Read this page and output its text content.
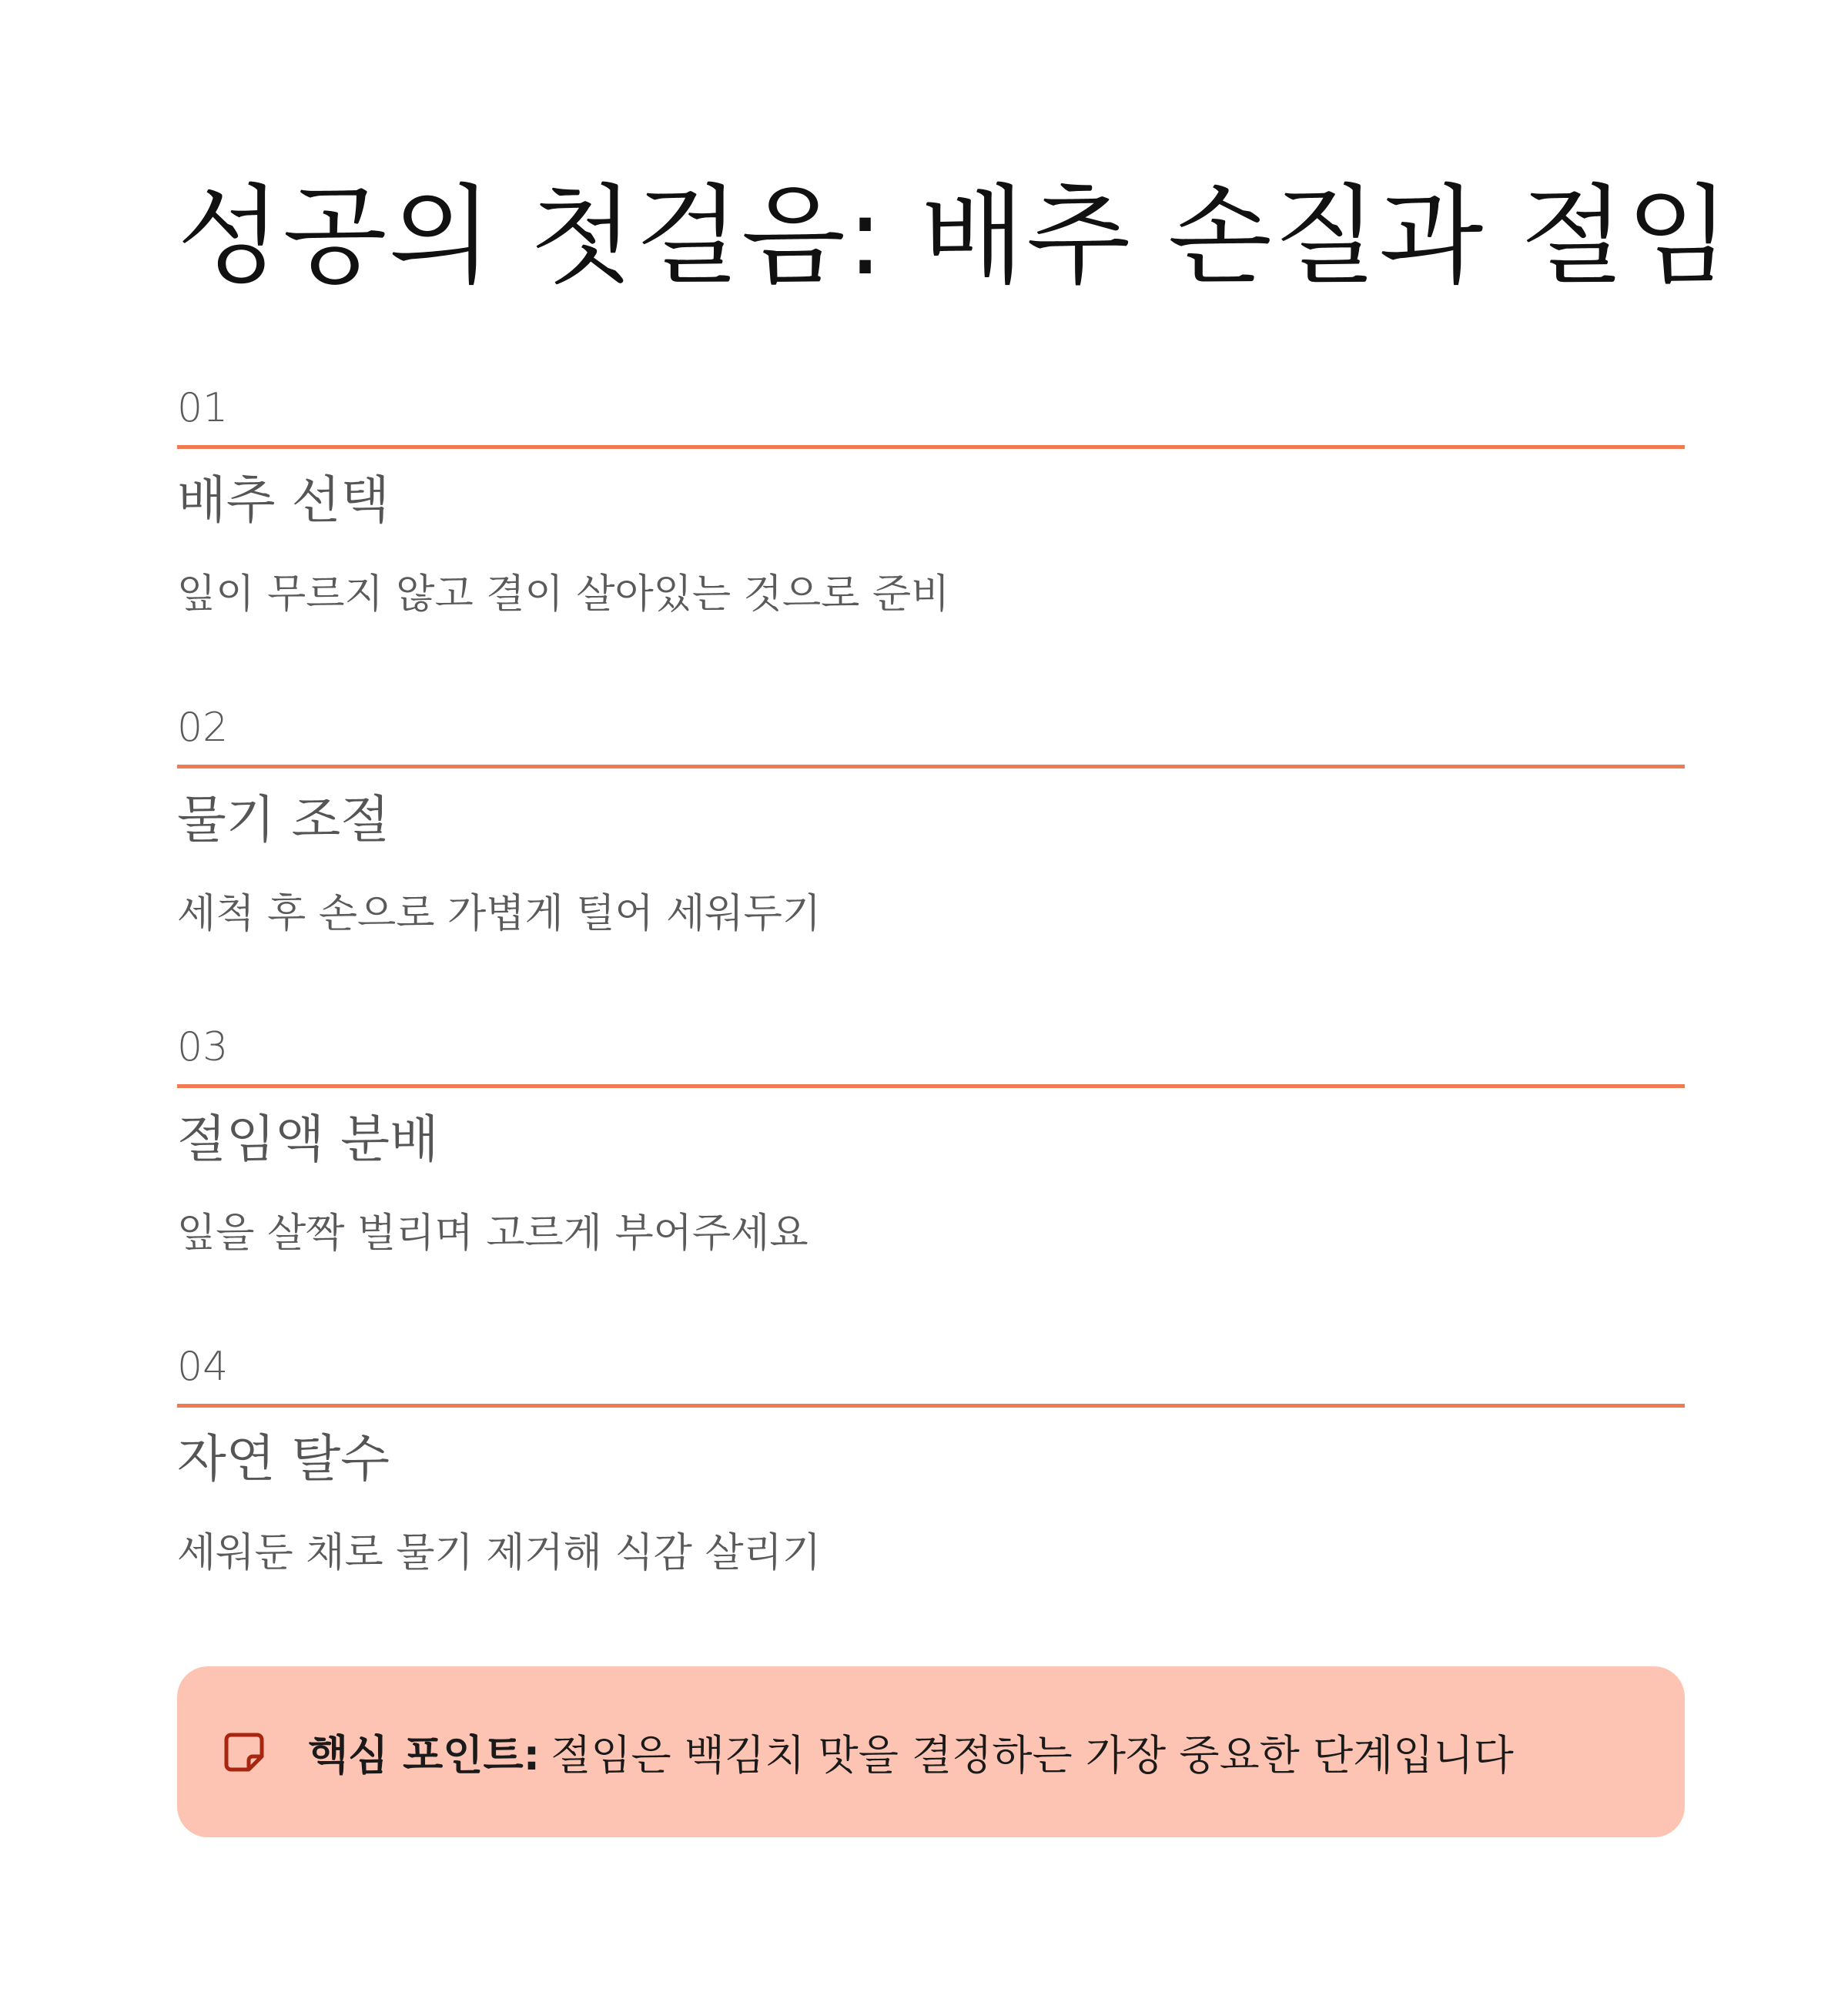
성공의 첫걸음: 배추 손질과 절임
01
배추 선택
잎이 무르지 않고 결이 살아있는 것으로 준비
02
물기 조절
세척 후 손으로 가볍게 털어 세워두기
03
절임액 분배
잎을 살짝 벌리며 고르게 부어주세요
04
자연 탈수
세워둔 채로 물기 제거해 식감 살리기
핵심 포인트: 절임은 백김치 맛을 결정하는 가장 중요한 단계입니다
